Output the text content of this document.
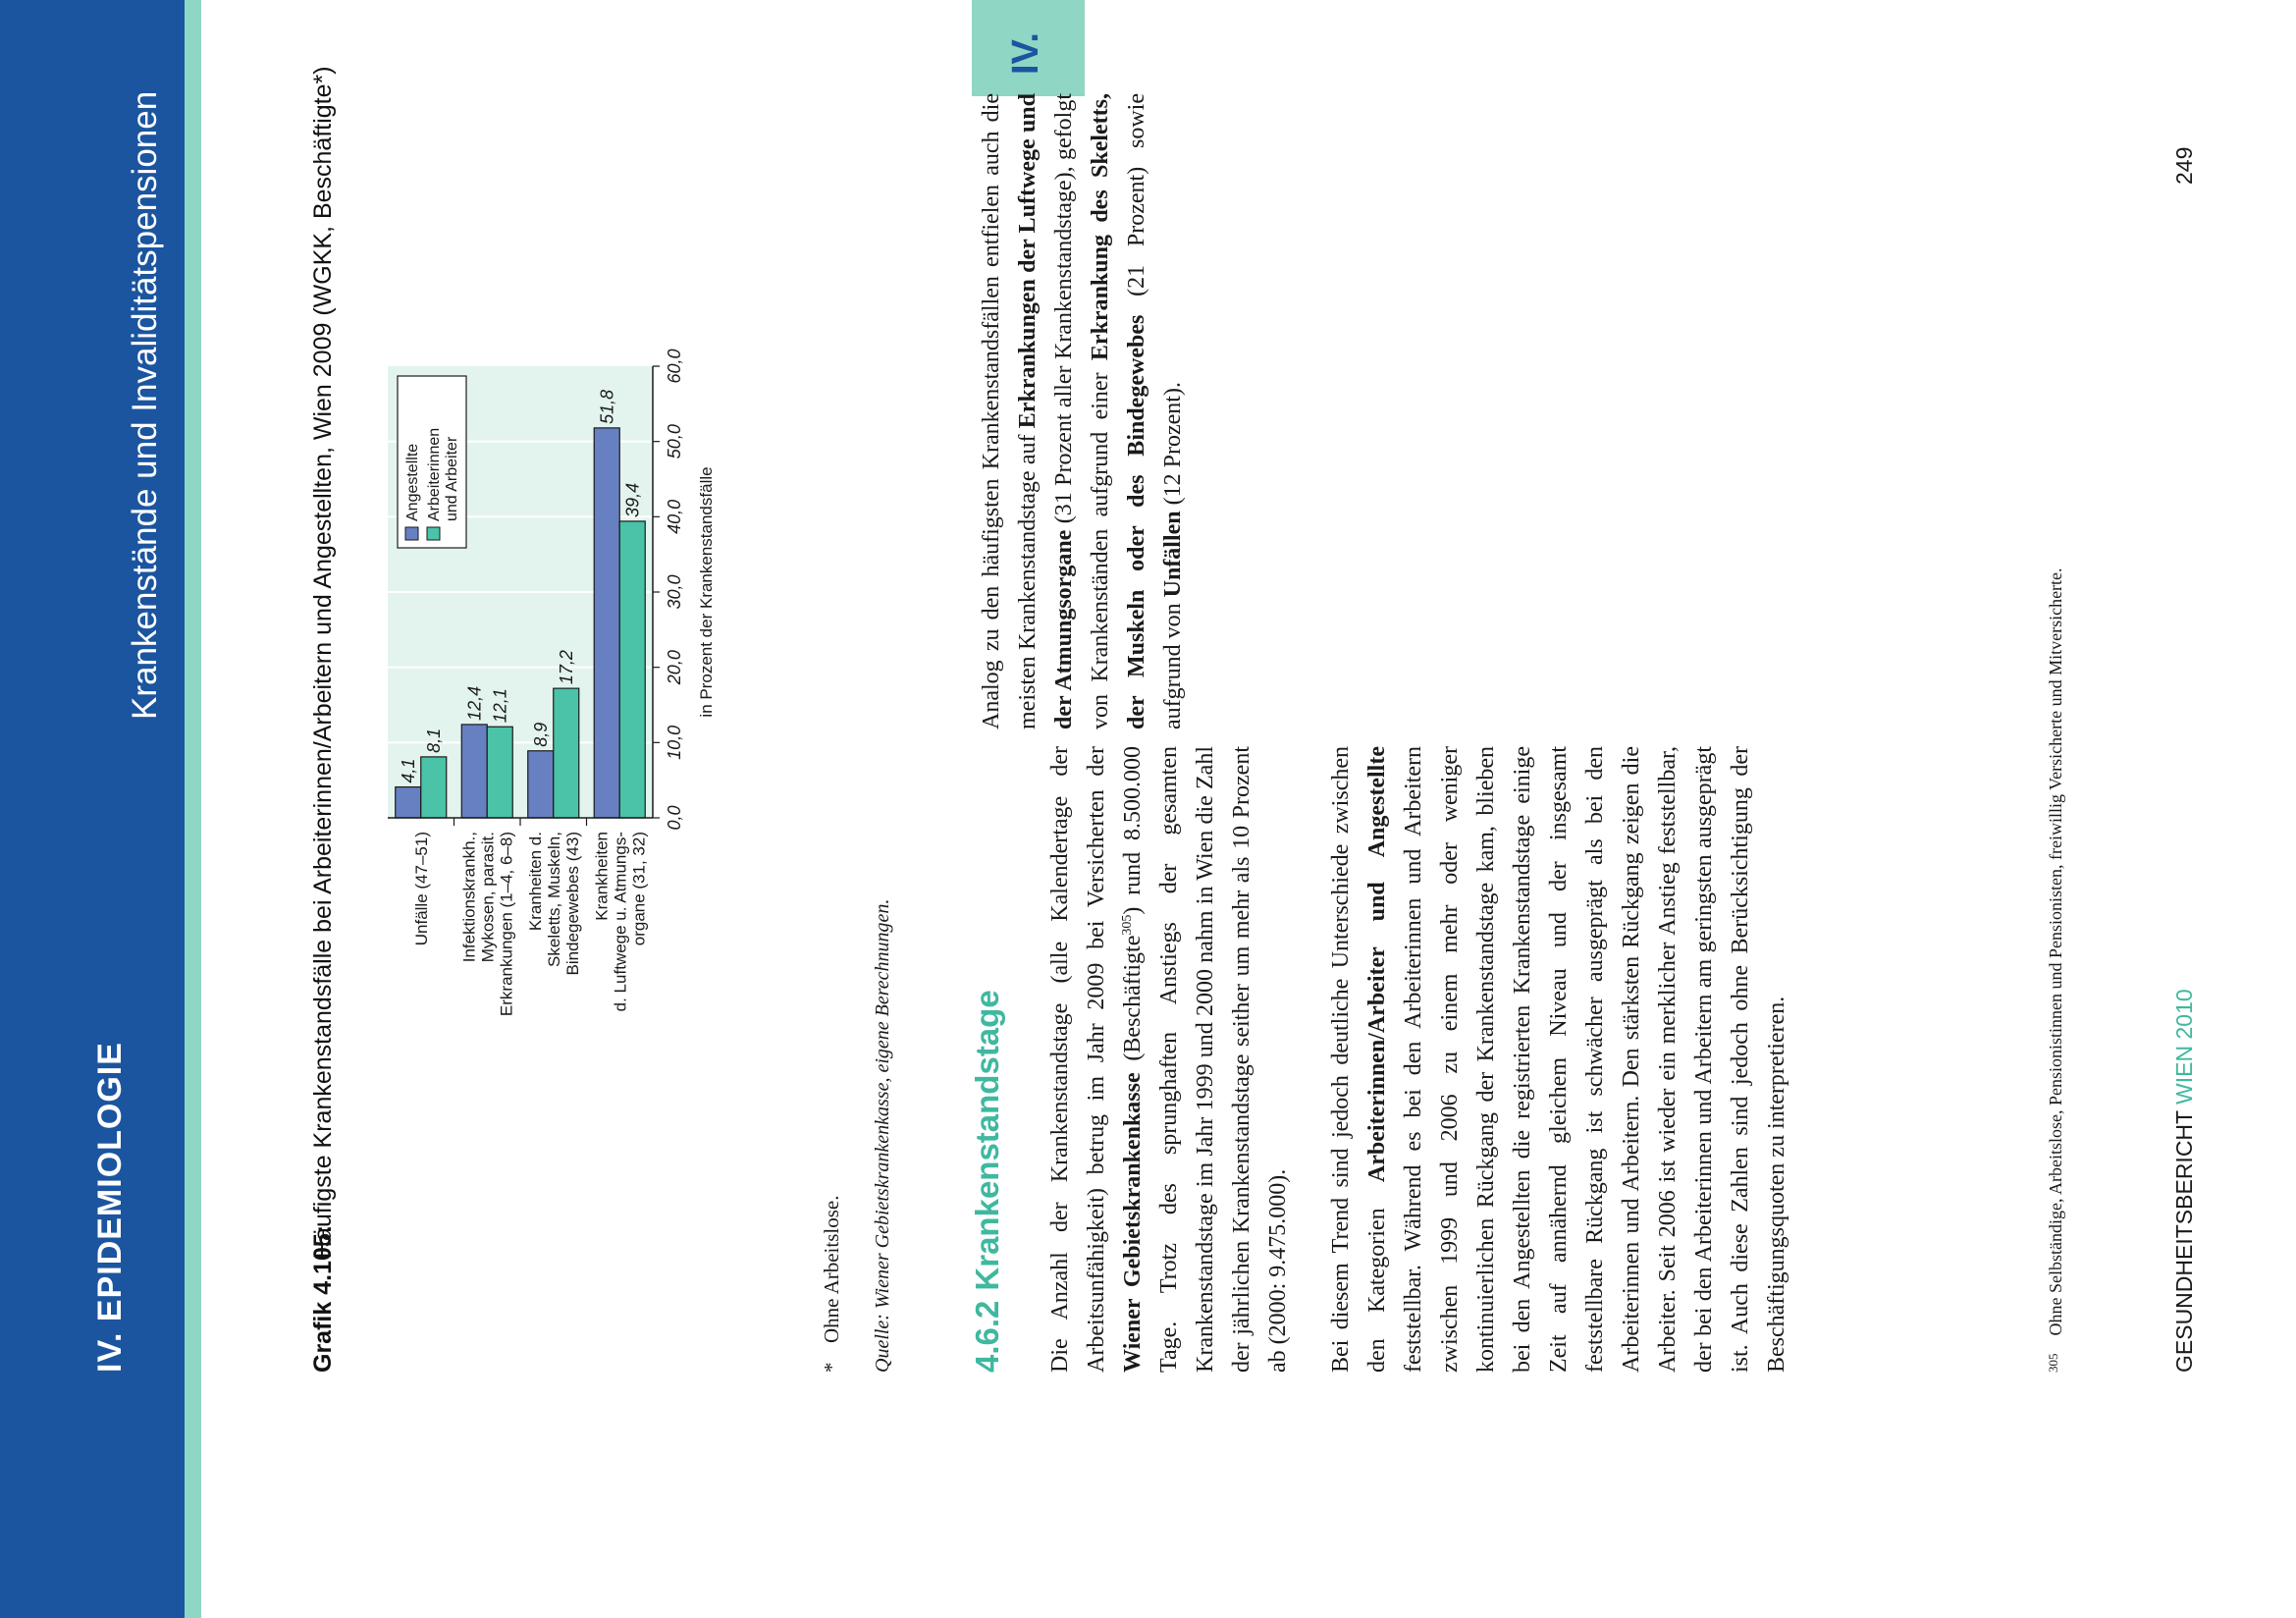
IV. EPIDEMIOLOGIE
Krankenstände und Invaliditätspensionen
IV.
Grafik 4.105:
Häufigste Krankenstandsfälle bei Arbeiterinnen/Arbeitern und Angestellten, Wien 2009 (WGKK, Beschäftigte*)	4,1
8,1
Unfälle (47–51)
12,4 12,1
Infektionskrankh., Mykosen, parasit. Erkrankungen (1–4, 6–8)
8,9
17,2
Kranheiten d. Skeletts, Muskeln, Bindegewebes (43)
51,8
39,4
Krankheiten d. Luftwege u. Atmungs- organe (31, 32)
0,0
10,0
20,0
30,0
40,0
50,0
60,0
in Prozent der Krankenstandsfälle
Angestellte Arbeiterinnen und Arbeiter
*Ohne Arbeitslose. Quelle: Wiener Gebietskrankenkasse, eigene Berechnungen. 4.6.2Krankenstandstage Die Anzahl der Krankenstandstage (alle Kalendertage der Arbeitsunfähigkeit) betrug im Jahr 2009 bei Versicherten der Wiener Gebietskrankenkasse (Beschäftigte$^{305}$) rund 8.500.000 Tage. Trotz des sprunghaften Anstiegs der gesamten Krankenstandstage im Jahr 1999 und 2000 nahm in Wien die Zahl der jährlichen Krankenstandstage seither um mehr als 10 Prozent ab (2000: 9.475.000). Bei diesem Trend sind jedoch deutliche Unterschiede zwischen den Kategorien Arbeiterinnen/Arbeiter und Angestellte feststellbar. Während es bei den Arbeiterinnen und Arbeitern zwischen 1999 und 2006 zu einem mehr oder weniger kontinuierlichen Rückgang der Krankenstandstage kam, blieben bei den Angestellten die registrierten Krankenstandstage einige Zeit auf annähernd gleichem Niveau und der insgesamt feststellbare Rückgang ist schwächer ausgeprägt als bei den Arbeiterinnen und Arbeitern. Den stärksten Rückgang zeigen die Arbeiter. Seit 2006 ist wieder ein merklicher Anstieg feststellbar, der bei den Arbeiterinnen und Arbeitern am geringsten ausgeprägt ist. Auch diese Zahlen sind jedoch ohne Berücksichtigung der Beschäftigungsquoten zu interpretieren.

Analog zu den häufigsten Krankenstandsfällen entfielen auch die meisten Krankenstandstage auf Erkrankungen der Luftwege und der Atmungsorgane (31 Prozent aller Krankenstandstage), gefolgt von Krankenständen aufgrund einer Erkrankung des Skeletts, der Muskeln oder des Bindegewebes (21 Prozent) sowie aufgrund von Unfällen (12 Prozent).

$^{305}$Ohne Selbständige, Arbeitslose, Pensionistinnen und Pensionisten, freiwillig Versicherte und Mitversicherte.	GESUNDHEITSBERICHT WIEN 2010
249
